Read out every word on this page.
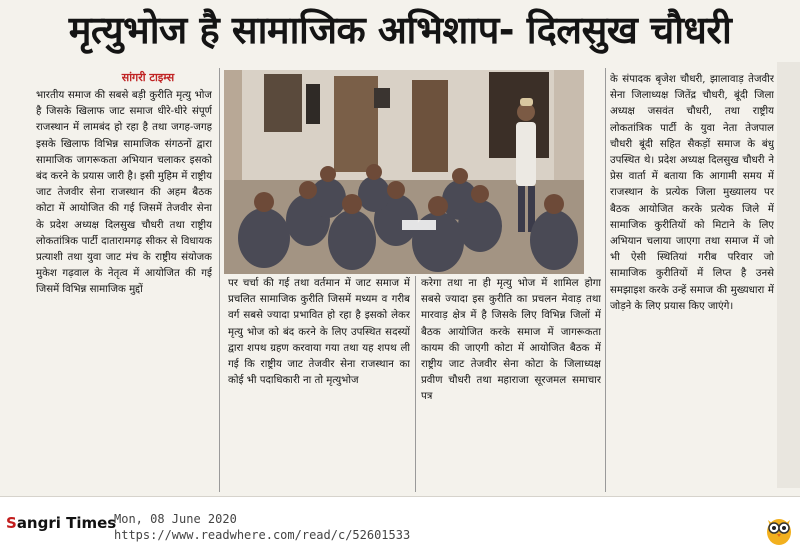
मृत्युभोज है सामाजिक अभिशाप- दिलसुख चौधरी
सांगरी टाइम्स

भारतीय समाज की सबसे बड़ी कुरीति मृत्यु भोज है जिसके खिलाफ जाट समाज धीरे-धीरे संपूर्ण राजस्थान में लामबंद हो रहा है तथा जगह-जगह इसके खिलाफ विभिन्न सामाजिक संगठनों द्वारा सामाजिक जागरूकता अभियान चलाकर इसको बंद करने के प्रयास जारी है। इसी मुहिम में राष्ट्रीय जाट तेजवीर सेना राजस्थान की अहम बैठक कोटा में आयोजित की गई जिसमें तेजवीर सेना के प्रदेश अध्यक्ष दिलसुख चौधरी तथा राष्ट्रीय लोकतांत्रिक पार्टी दातारामगढ़ सीकर से विधायक प्रत्याशी तथा युवा जाट मंच के राष्ट्रीय संयोजक मुकेश गढ़वाल के नेतृत्व में आयोजित की गई जिसमें विभिन्न सामाजिक मुद्दों

पर चर्चा की गई तथा वर्तमान में जाट समाज में प्रचलित सामाजिक कुरीति जिसमें मध्यम व गरीब वर्ग सबसे ज्यादा प्रभावित हो रहा है इसको लेकर मृत्यु भोज को बंद करने के लिए उपस्थित सदस्यों द्वारा शपथ ग्रहण करवाया गया तथा यह शपथ ली गई कि राष्ट्रीय जाट तेजवीर सेना राजस्थान का कोई भी पदाधिकारी ना तो मृत्युभोज

करेगा तथा ना ही मृत्यु भोज में शामिल होगा सबसे ज्यादा इस कुरीति का प्रचलन मेवाड़ तथा मारवाड़ क्षेत्र में है जिसके लिए विभिन्न जिलों में बैठक आयोजित करके समाज में जागरूकता कायम की जाएगी कोटा में आयोजित बैठक में राष्ट्रीय जाट तेजवीर सेना कोटा के जिलाध्यक्ष प्रवीण चौधरी तथा महाराजा सूरजमल समाचार पत्र

के संपादक बृजेश चौधरी, झालावाड़ तेजवीर सेना जिलाध्यक्ष जितेंद्र चौधरी, बूंदी जिला अध्यक्ष जसवंत चौधरी, तथा राष्ट्रीय लोकतांत्रिक पार्टी के युवा नेता तेजपाल चौधरी बूंदी सहित सैकड़ों समाज के बंधु उपस्थित थे। प्रदेश अध्यक्ष दिलसुख चौधरी ने प्रेस वार्ता में बताया कि आगामी समय में राजस्थान के प्रत्येक जिला मुख्यालय पर बैठक आयोजित करके प्रत्येक जिले में सामाजिक कुरीतियों को मिटाने के लिए अभियान चलाया जाएगा तथा समाज में जो भी ऐसी स्थितियां गरीब परिवार जो सामाजिक कुरीतियों में लिप्त है उनसे समझाइश करके उन्हें समाज की मुख्यधारा में जोड़ने के लिए प्रयास किए जाएंगे।

Sangri Times
Mon, 08 June 2020
https://www.readwhere.com/read/c/52601533
